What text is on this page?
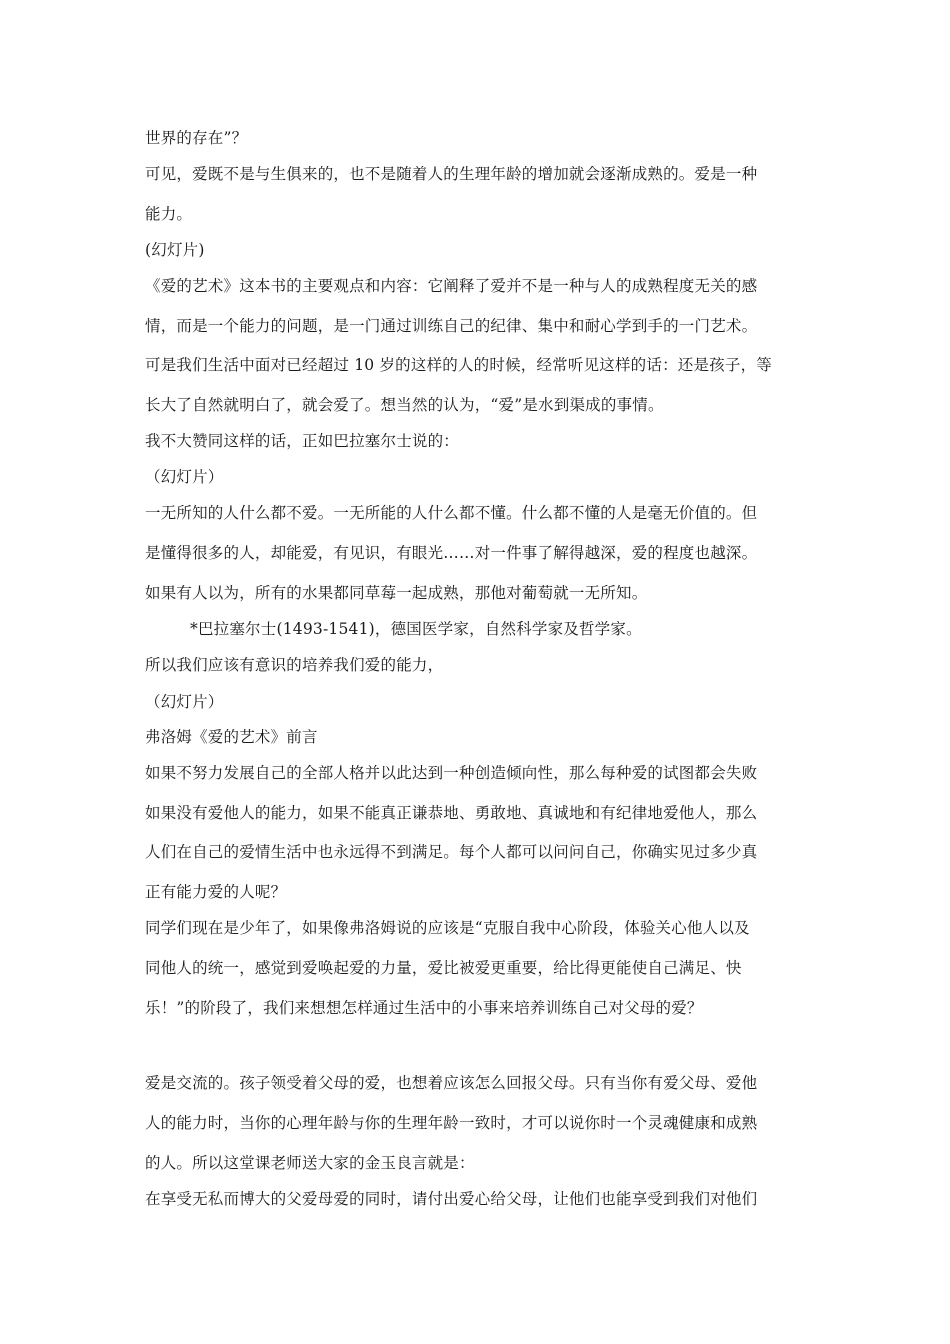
世界的存在”？
可见，爱既不是与生俱来的，也不是随着人的生理年龄的增加就会逐渐成熟的。爱是一种
能力。
(幻灯片)
《爱的艺术》这本书的主要观点和内容：它阐释了爱并不是一种与人的成熟程度无关的感
情，而是一个能力的问题，是一门通过训练自己的纪律、集中和耐心学到手的一门艺术。
可是我们生活中面对已经超过 10 岁的这样的人的时候，经常听见这样的话：还是孩子，等
长大了自然就明白了，就会爱了。想当然的认为，“爱”是水到渠成的事情。
我不大赞同这样的话，正如巴拉塞尔士说的：
（幻灯片）
一无所知的人什么都不爱。一无所能的人什么都不懂。什么都不懂的人是毫无价值的。但
是懂得很多的人，却能爱，有见识，有眼光……对一件事了解得越深，爱的程度也越深。
如果有人以为，所有的水果都同草莓一起成熟，那他对葡萄就一无所知。
*巴拉塞尔士(1493-1541)，德国医学家，自然科学家及哲学家。
所以我们应该有意识的培养我们爱的能力，
（幻灯片）
弗洛姆《爱的艺术》前言
如果不努力发展自己的全部人格并以此达到一种创造倾向性，那么每种爱的试图都会失败
如果没有爱他人的能力，如果不能真正谦恭地、勇敢地、真诚地和有纪律地爱他人，那么
人们在自己的爱情生活中也永远得不到满足。每个人都可以问问自己，你确实见过多少真
正有能力爱的人呢？
同学们现在是少年了，如果像弗洛姆说的应该是“克服自我中心阶段，体验关心他人以及
同他人的统一，感觉到爱唤起爱的力量，爱比被爱更重要，给比得更能使自己满足、快
乐！”的阶段了，我们来想想怎样通过生活中的小事来培养训练自己对父母的爱？
爱是交流的。孩子领受着父母的爱，也想着应该怎么回报父母。只有当你有爱父母、爱他
人的能力时，当你的心理年龄与你的生理年龄一致时，才可以说你时一个灵魂健康和成熟
的人。所以这堂课老师送大家的金玉良言就是：
在享受无私而博大的父爱母爱的同时，请付出爱心给父母，让他们也能享受到我们对他们
